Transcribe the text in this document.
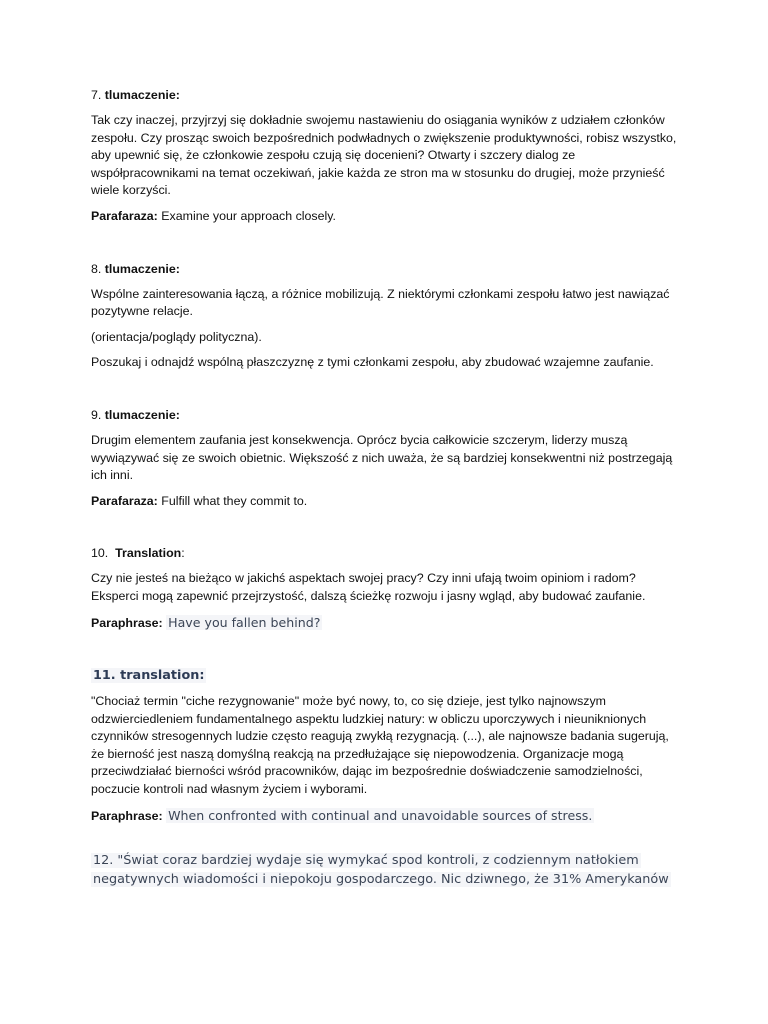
7. tlumaczenie:

Tak czy inaczej, przyjrzyj się dokładnie swojemu nastawieniu do osiągania wyników z udziałem członków zespołu. Czy prosząc swoich bezpośrednich podwładnych o zwiększenie produktywności, robisz wszystko, aby upewnić się, że członkowie zespołu czują się docenieni? Otwarty i szczery dialog ze współpracownikami na temat oczekiwań, jakie każda ze stron ma w stosunku do drugiej, może przynieść wiele korzyści.

Parafaraza: Examine your approach closely.

8. tlumaczenie:

Wspólne zainteresowania łączą, a różnice mobilizują. Z niektórymi członkami zespołu łatwo jest nawiązać pozytywne relacje.

(orientacja/poglądy polityczna).

Poszukaj i odnajdź wspólną płaszczyznę z tymi członkami zespołu, aby zbudować wzajemne zaufanie.

9. tlumaczenie:

Drugim elementem zaufania jest konsekwencja. Oprócz bycia całkowicie szczerym, liderzy muszą wywiązywać się ze swoich obietnic. Większość z nich uważa, że są bardziej konsekwentni niż postrzegają ich inni.

Parafaraza: Fulfill what they commit to.

10. Translation:

Czy nie jesteś na bieżąco w jakichś aspektach swojej pracy? Czy inni ufają twoim opiniom i radom? Eksperci mogą zapewnić przejrzystość, dalszą ścieżkę rozwoju i jasny wgląd, aby budować zaufanie.

Paraphrase: Have you fallen behind?

11. translation:

"Chociaż termin "ciche rezygnowanie" może być nowy, to, co się dzieje, jest tylko najnowszym odzwierciedleniem fundamentalnego aspektu ludzkiej natury: w obliczu uporczywych i nieuniknionych czynników stresogennych ludzie często reagują zwykłą rezygnacją. (...), ale najnowsze badania sugerują, że bierność jest naszą domyślną reakcją na przedłużające się niepowodzenia. Organizacje mogą przeciwdziałać bierności wśród pracowników, dając im bezpośrednie doświadczenie samodzielności, poczucie kontroli nad własnym życiem i wyborami.

Paraphrase: When confronted with continual and unavoidable sources of stress.

12. "Świat coraz bardziej wydaje się wymykać spod kontroli, z codziennym natłokiem negatywnych wiadomości i niepokoju gospodarczego. Nic dziwnego, że 31% Amerykanów
